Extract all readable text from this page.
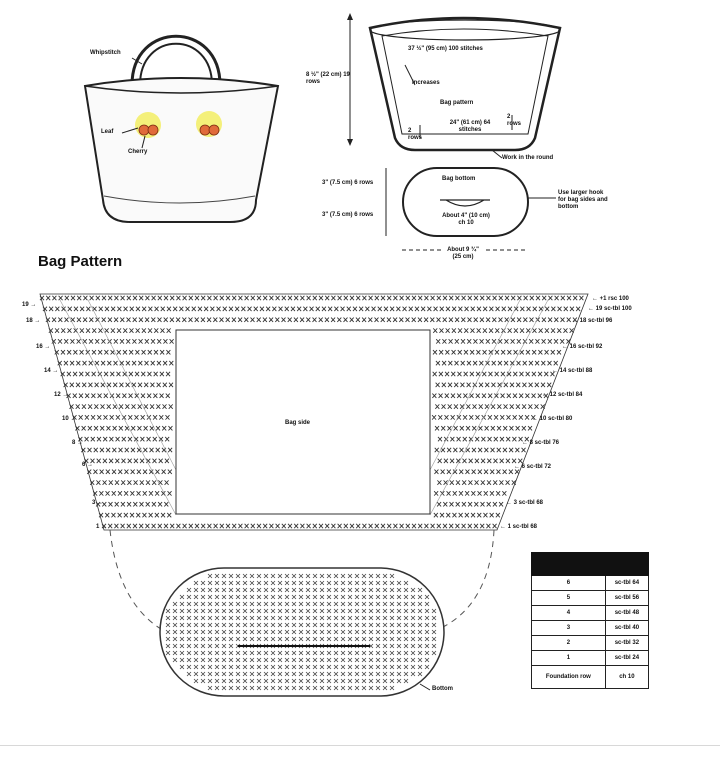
Whipstitch
Leaf
Cherry
8 ½" (22 cm) 19 rows
37 ½" (95 cm) 100 stitches
Increases
Bag pattern
24" (61 cm) 64 stitches
2 rows
2 rows
Work in the round
Bag bottom
3" (7.5 cm) 6 rows
3" (7.5 cm) 6 rows	About 4" (10 cm) ch 10
About 9 ¾" (25 cm)
Use larger hook for bag sides and bottom
Bag Pattern
Bag side
Bottom
19 →
18 →
16 →
14 →
12 →
10 →
8 →
6 →
3 →
1 →
← +1 rsc 100
← 19 sc-tbl 100
← 18 sc-tbl 96
← 16 sc-tbl 92
← 14 sc-tbl 88
← 12 sc-tbl 84
← 10 sc-tbl 80
← 8 sc-tbl 76
← 6 sc-tbl 72
← 3 sc-tbl 68
← 1 sc-tbl 68

6	sc-tbl 64
5	sc-tbl 56
4	sc-tbl 48
3	sc-tbl 40
2	sc-tbl 32
1	sc-tbl 24
Foundation row	ch 10
